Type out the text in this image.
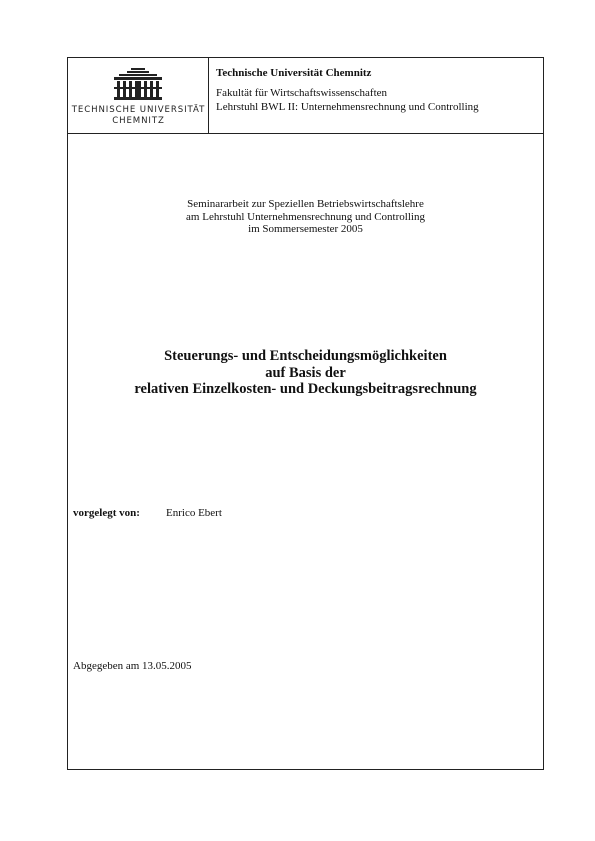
TECHNISCHE UNIVERSITÄT
CHEMNITZ
Technische Universität Chemnitz
Fakultät für Wirtschaftswissenschaften
Lehrstuhl BWL II: Unternehmensrechnung und Controlling
Seminararbeit zur Speziellen Betriebswirtschaftslehre
am Lehrstuhl Unternehmensrechnung und Controlling
im Sommersemester 2005
Steuerungs- und Entscheidungsmöglichkeiten
auf Basis der
relativen Einzelkosten- und Deckungsbeitragsrechnung
vorgelegt von: Enrico Ebert
Abgegeben am 13.05.2005
